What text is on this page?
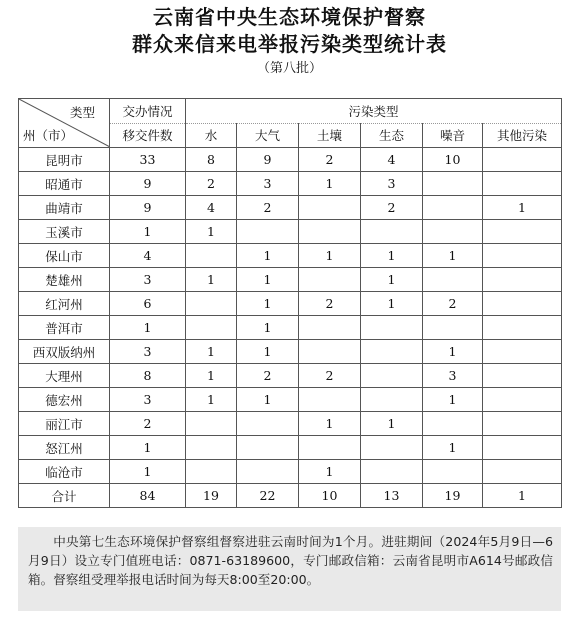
云南省中央生态环境保护督察
群众来信来电举报污染类型统计表
（第八批）
类型
州（市）	交办情况	污染类型					
	移交件数	水	大气	土壤	生态	噪音	其他污染
昆明市	33	8	9	2	4	10	
昭通市	9	2	3	1	3		
曲靖市	9	4	2		2		1
玉溪市	1	1					
保山市	4		1	1	1	1	
楚雄州	3	1	1		1		
红河州	6		1	2	1	2	
普洱市	1		1				
西双版纳州	3	1	1			1	
大理州	8	1	2	2		3	
德宏州	3	1	1			1	
丽江市	2			1	1		
怒江州	1					1	
临沧市	1			1			
合计	84	19	22	10	13	19	1
中央第七生态环境保护督察组督察进驻云南时间为1个月。进驻期间（2024年5月9日—6月9日）设立专门值班电话：0871-63189600，专门邮政信箱：云南省昆明市A614号邮政信箱。督察组受理举报电话时间为每天8:00至20:00。
